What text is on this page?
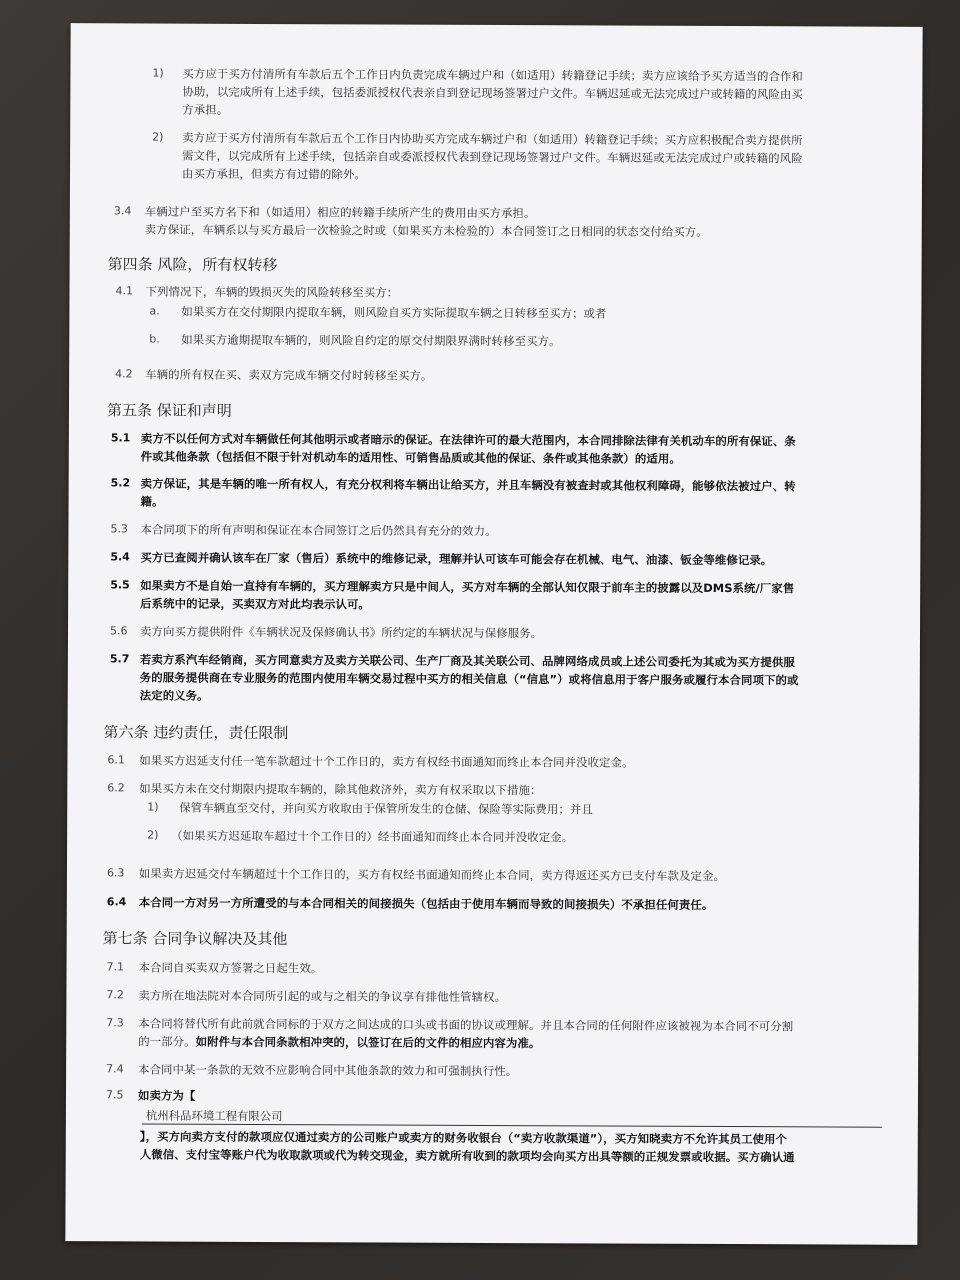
1) 买方应于买方付清所有车款后五个工作日内负责完成车辆过户和（如适用）转籍登记手续；卖方应该给予买方适当的合作和
协助，以完成所有上述手续，包括委派授权代表亲自到登记现场签署过户文件。车辆迟延或无法完成过户或转籍的风险由买
方承担。
2) 卖方应于买方付清所有车款后五个工作日内协助买方完成车辆过户和（如适用）转籍登记手续；买方应积极配合卖方提供所
需文件，以完成所有上述手续，包括亲自或委派授权代表到登记现场签署过户文件。车辆迟延或无法完成过户或转籍的风险
由买方承担，但卖方有过错的除外。
3.4 车辆过户至买方名下和（如适用）相应的转籍手续所产生的费用由买方承担。
卖方保证，车辆系以与买方最后一次检验之时或（如果买方未检验的）本合同签订之日相同的状态交付给买方。
第四条 风险，所有权转移
4.1 下列情况下，车辆的毁损灭失的风险转移至买方：
a. 如果买方在交付期限内提取车辆，则风险自买方实际提取车辆之日转移至买方；或者
b. 如果买方逾期提取车辆的，则风险自约定的原交付期限界满时转移至买方。
4.2 车辆的所有权在买、卖双方完成车辆交付时转移至买方。
第五条 保证和声明
5.1 卖方不以任何方式对车辆做任何其他明示或者暗示的保证。在法律许可的最大范围内，本合同排除法律有关机动车的所有保证、条
件或其他条款（包括但不限于针对机动车的适用性、可销售品质或其他的保证、条件或其他条款）的适用。
5.2 卖方保证，其是车辆的唯一所有权人，有充分权利将车辆出让给买方，并且车辆没有被查封或其他权利障碍，能够依法被过户、转
籍。
5.3 本合同项下的所有声明和保证在本合同签订之后仍然具有充分的效力。
5.4 买方已查阅并确认该车在厂家（售后）系统中的维修记录，理解并认可该车可能会存在机械、电气、油漆、钣金等维修记录。
5.5 如果卖方不是自始一直持有车辆的，买方理解卖方只是中间人，买方对车辆的全部认知仅限于前车主的披露以及DMS系统/厂家售
后系统中的记录，买卖双方对此均表示认可。
5.6 卖方向买方提供附件《车辆状况及保修确认书》所约定的车辆状况与保修服务。
5.7 若卖方系汽车经销商，买方同意卖方及卖方关联公司、生产厂商及其关联公司、品牌网络成员或上述公司委托为其或为买方提供服
务的服务提供商在专业服务的范围内使用车辆交易过程中买方的相关信息（“信息”）或将信息用于客户服务或履行本合同项下的或
法定的义务。
第六条 违约责任，责任限制
6.1 如果买方迟延支付任一笔车款超过十个工作日的，卖方有权经书面通知而终止本合同并没收定金。
6.2 如果买方未在交付期限内提取车辆的，除其他救济外，卖方有权采取以下措施：
1) 保管车辆直至交付，并向买方收取由于保管所发生的仓储、保险等实际费用；并且
2) （如果买方迟延取车超过十个工作日的）经书面通知而终止本合同并没收定金。
6.3 如果卖方迟延交付车辆超过十个工作日的，买方有权经书面通知而终止本合同，卖方得返还买方已支付车款及定金。
6.4 本合同一方对另一方所遭受的与本合同相关的间接损失（包括由于使用车辆而导致的间接损失）不承担任何责任。
第七条 合同争议解决及其他
7.1 本合同自买卖双方签署之日起生效。
7.2 卖方所在地法院对本合同所引起的或与之相关的争议享有排他性管辖权。
7.3 本合同将替代所有此前就合同标的于双方之间达成的口头或书面的协议或理解。并且本合同的任何附件应该被视为本合同不可分割
的一部分。如附件与本合同条款相冲突的，以签订在后的文件的相应内容为准。
7.4 本合同中某一条款的无效不应影响合同中其他条款的效力和可强制执行性。
7.5 如卖方为【
杭州科品环境工程有限公司
】，买方向卖方支付的款项应仅通过卖方的公司账户或卖方的财务收银台（“卖方收款渠道”），买方知晓卖方不允许其员工使用个
人微信、支付宝等账户代为收取款项或代为转交现金，卖方就所有收到的款项均会向买方出具等额的正规发票或收据。买方确认通
